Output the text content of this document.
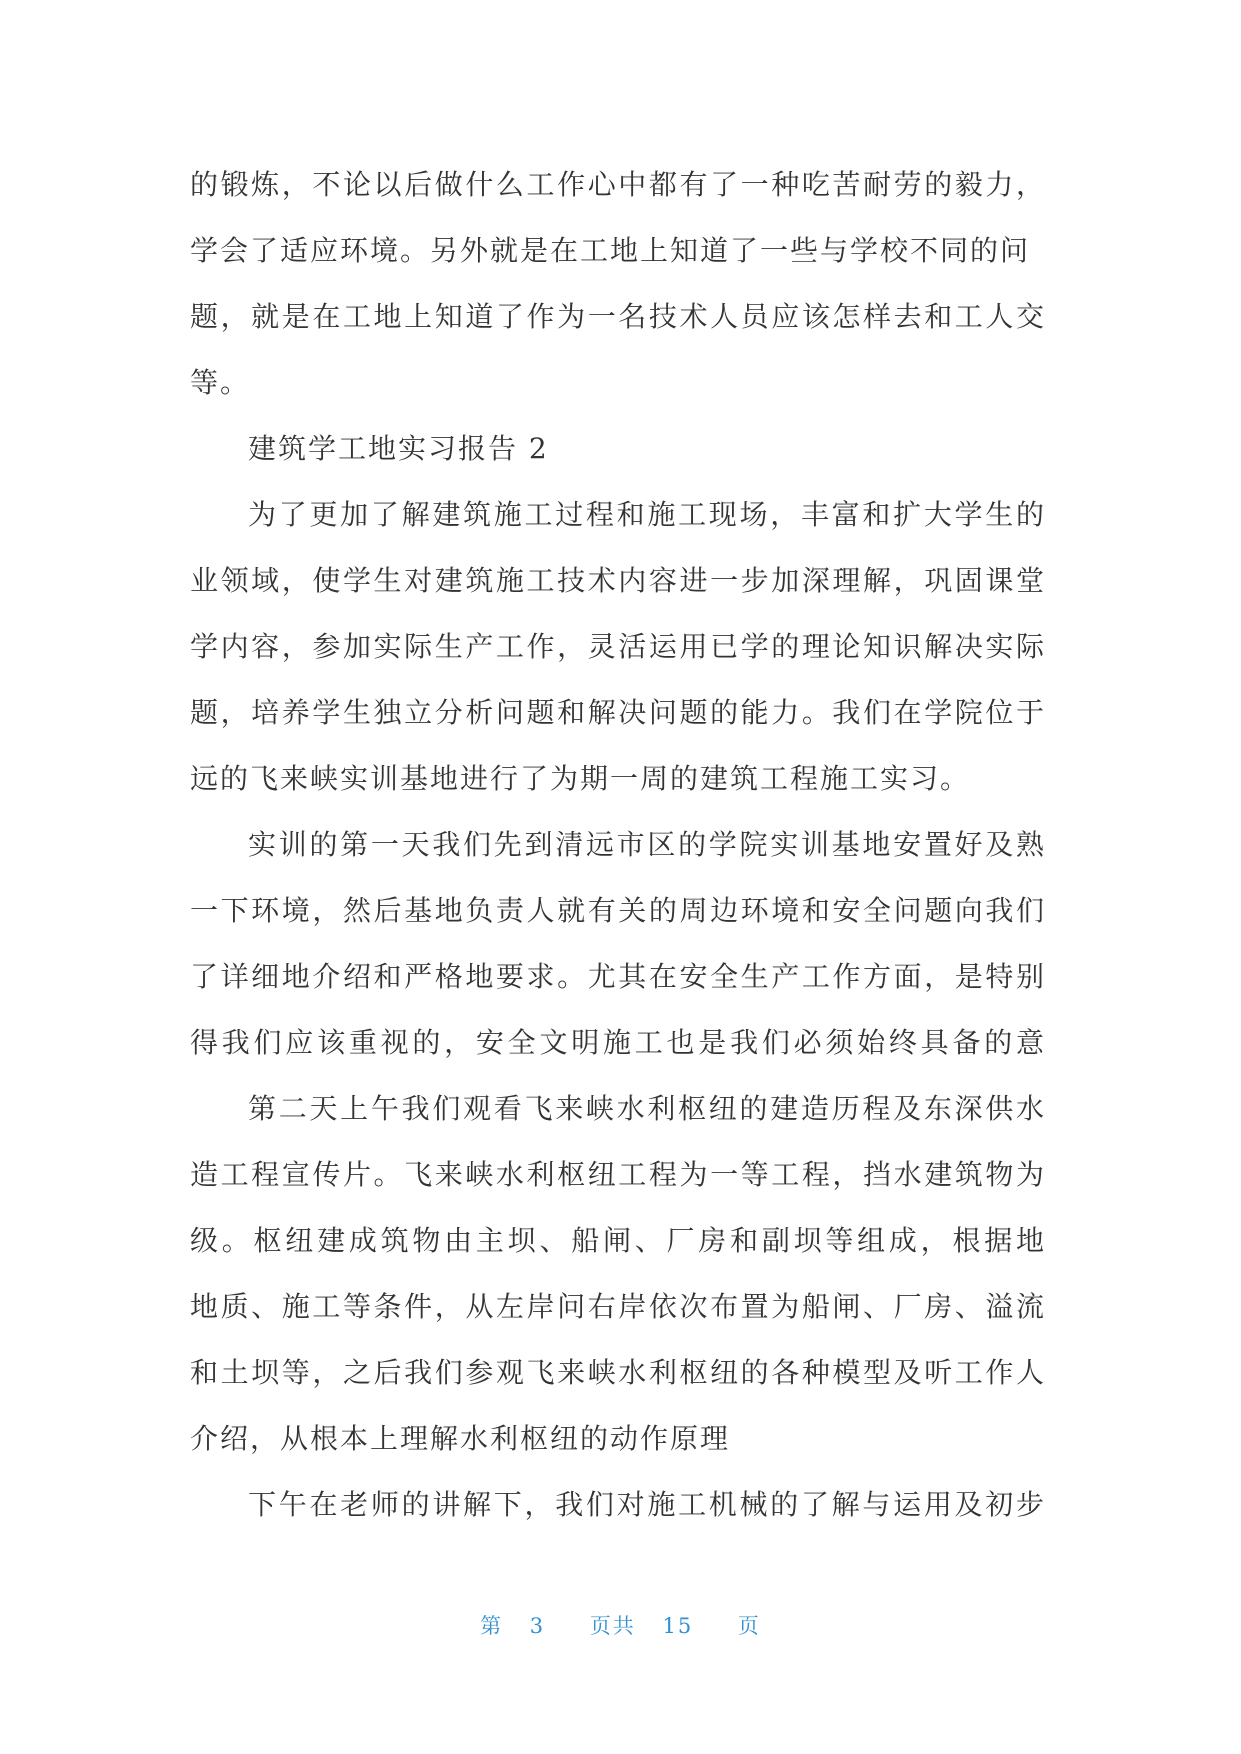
的锻炼，不论以后做什么工作心中都有了一种吃苦耐劳的毅力，
学会了适应环境。另外就是在工地上知道了一些与学校不同的问
题，就是在工地上知道了作为一名技术人员应该怎样去和工人交
等。
建筑学工地实习报告 2
为了更加了解建筑施工过程和施工现场，丰富和扩大学生的
业领域，使学生对建筑施工技术内容进一步加深理解，巩固课堂
学内容，参加实际生产工作，灵活运用已学的理论知识解决实际
题，培养学生独立分析问题和解决问题的能力。我们在学院位于
远的飞来峡实训基地进行了为期一周的建筑工程施工实习。
实训的第一天我们先到清远市区的学院实训基地安置好及熟
一下环境，然后基地负责人就有关的周边环境和安全问题向我们
了详细地介绍和严格地要求。尤其在安全生产工作方面，是特别
得我们应该重视的，安全文明施工也是我们必须始终具备的意
第二天上午我们观看飞来峡水利枢纽的建造历程及东深供水
造工程宣传片。飞来峡水利枢纽工程为一等工程，挡水建筑物为
级。枢纽建成筑物由主坝、船闸、厂房和副坝等组成，根据地
地质、施工等条件，从左岸问右岸依次布置为船闸、厂房、溢流
和土坝等，之后我们参观飞来峡水利枢纽的各种模型及听工作人
介绍，从根本上理解水利枢纽的动作原理
下午在老师的讲解下，我们对施工机械的了解与运用及初步
第 3 页共 15 页
